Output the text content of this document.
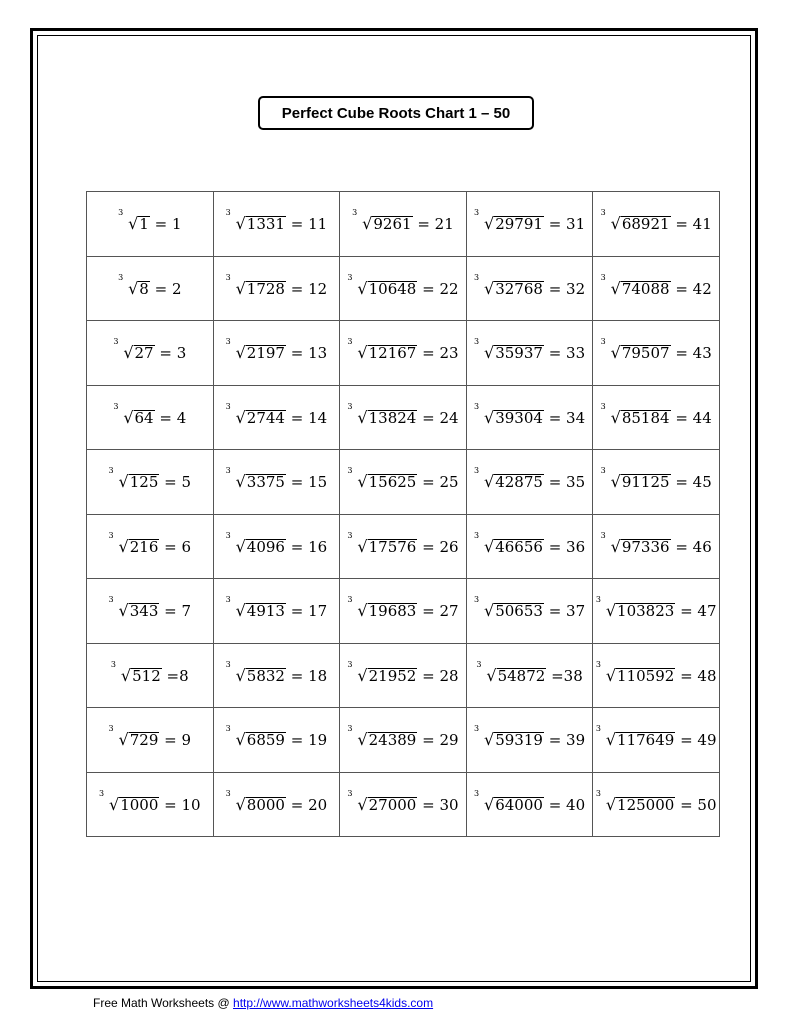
Perfect Cube Roots Chart 1 – 50
3
√1 = 1	3
√1331 = 11	3
√9261 = 21	3
√29791 = 31	3
√68921 = 41

3
√8 = 2	3
√1728 = 12	3
√10648 = 22	3
√32768 = 32	3
√74088 = 42

3
√27 = 3	3
√2197 = 13	3
√12167 = 23	3
√35937 = 33	3
√79507 = 43

3
√64 = 4	3
√2744 = 14	3
√13824 = 24	3
√39304 = 34	3
√85184 = 44

3
√125 = 5	3
√3375 = 15	3
√15625 = 25	3
√42875 = 35	3
√91125 = 45

3
√216 = 6	3
√4096 = 16	3
√17576 = 26	3
√46656 = 36	3
√97336 = 46

3
√343 = 7	3
√4913 = 17	3
√19683 = 27	3
√50653 = 37	3
√103823 = 47

3
√512 =8	3
√5832 = 18	3
√21952 = 28	3
√54872 =38	3
√110592 = 48

3
√729 = 9	3
√6859 = 19	3
√24389 = 29	3
√59319 = 39	3
√117649 = 49

3
√1000 = 10	3
√8000 = 20	3
√27000 = 30	3
√64000 = 40	3
√125000 = 50
Free Math Worksheets @ http://www.mathworksheets4kids.com
